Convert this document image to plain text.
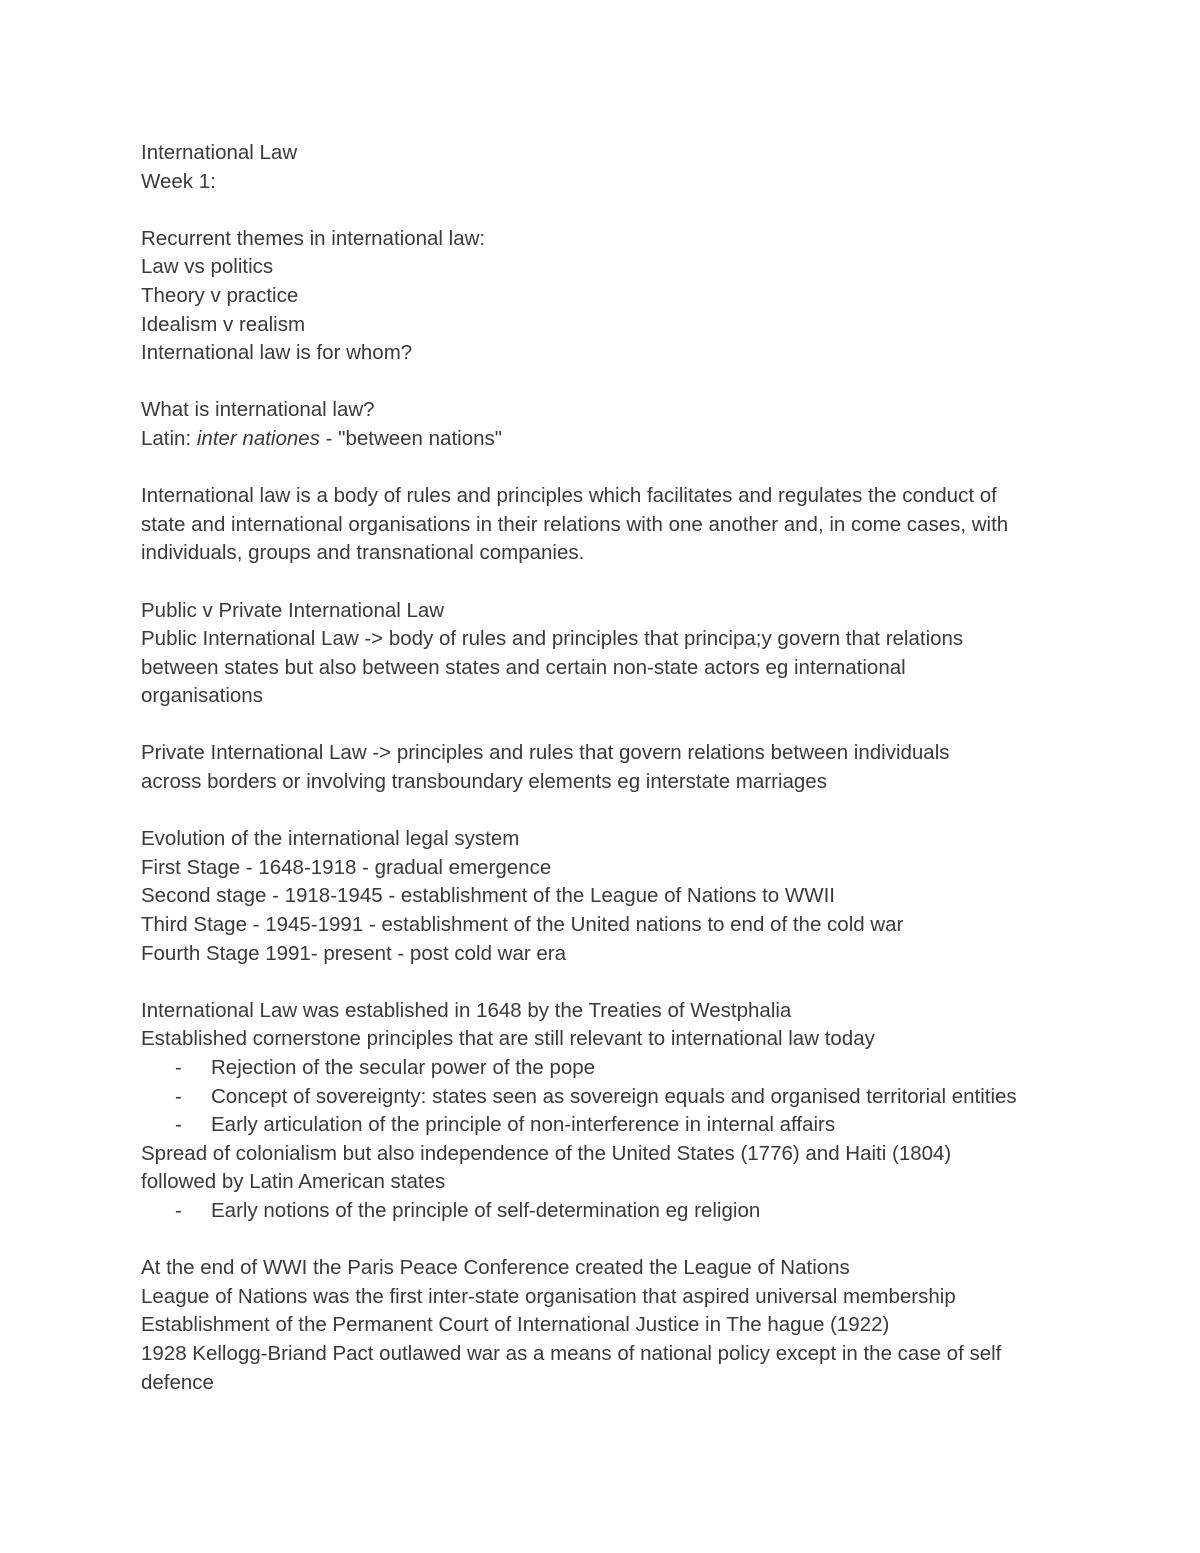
International Law

Week 1:

Recurrent themes in international law:

Law vs politics

Theory v practice

Idealism v realism

International law is for whom?

What is international law?

Latin: inter nationes - "between nations"

International law is a body of rules and principles which facilitates and regulates the conduct of

state and international organisations in their relations with one another and, in come cases, with

individuals, groups and transnational companies.

Public v Private International Law

Public International Law -> body of rules and principles that principa;y govern that relations

between states but also between states and certain non-state actors eg international

organisations

Private International Law -> principles and rules that govern relations between individuals

across borders or involving transboundary elements eg interstate marriages

Evolution of the international legal system

First Stage - 1648-1918 - gradual emergence

Second stage - 1918-1945 - establishment of the League of Nations to WWII

Third Stage - 1945-1991 - establishment of the United nations to end of the cold war

Fourth Stage 1991- present - post cold war era

International Law was established in 1648 by the Treaties of Westphalia

Established cornerstone principles that are still relevant to international law today

- Rejection of the secular power of the pope
- Concept of sovereignty: states seen as sovereign equals and organised territorial entities
- Early articulation of the principle of non-interference in internal affairs

Spread of colonialism but also independence of the United States (1776) and Haiti (1804)

followed by Latin American states

- Early notions of the principle of self-determination eg religion

At the end of WWI the Paris Peace Conference created the League of Nations

League of Nations was the first inter-state organisation that aspired universal membership

Establishment of the Permanent Court of International Justice in The hague (1922)

1928 Kellogg-Briand Pact outlawed war as a means of national policy except in the case of self

defence
